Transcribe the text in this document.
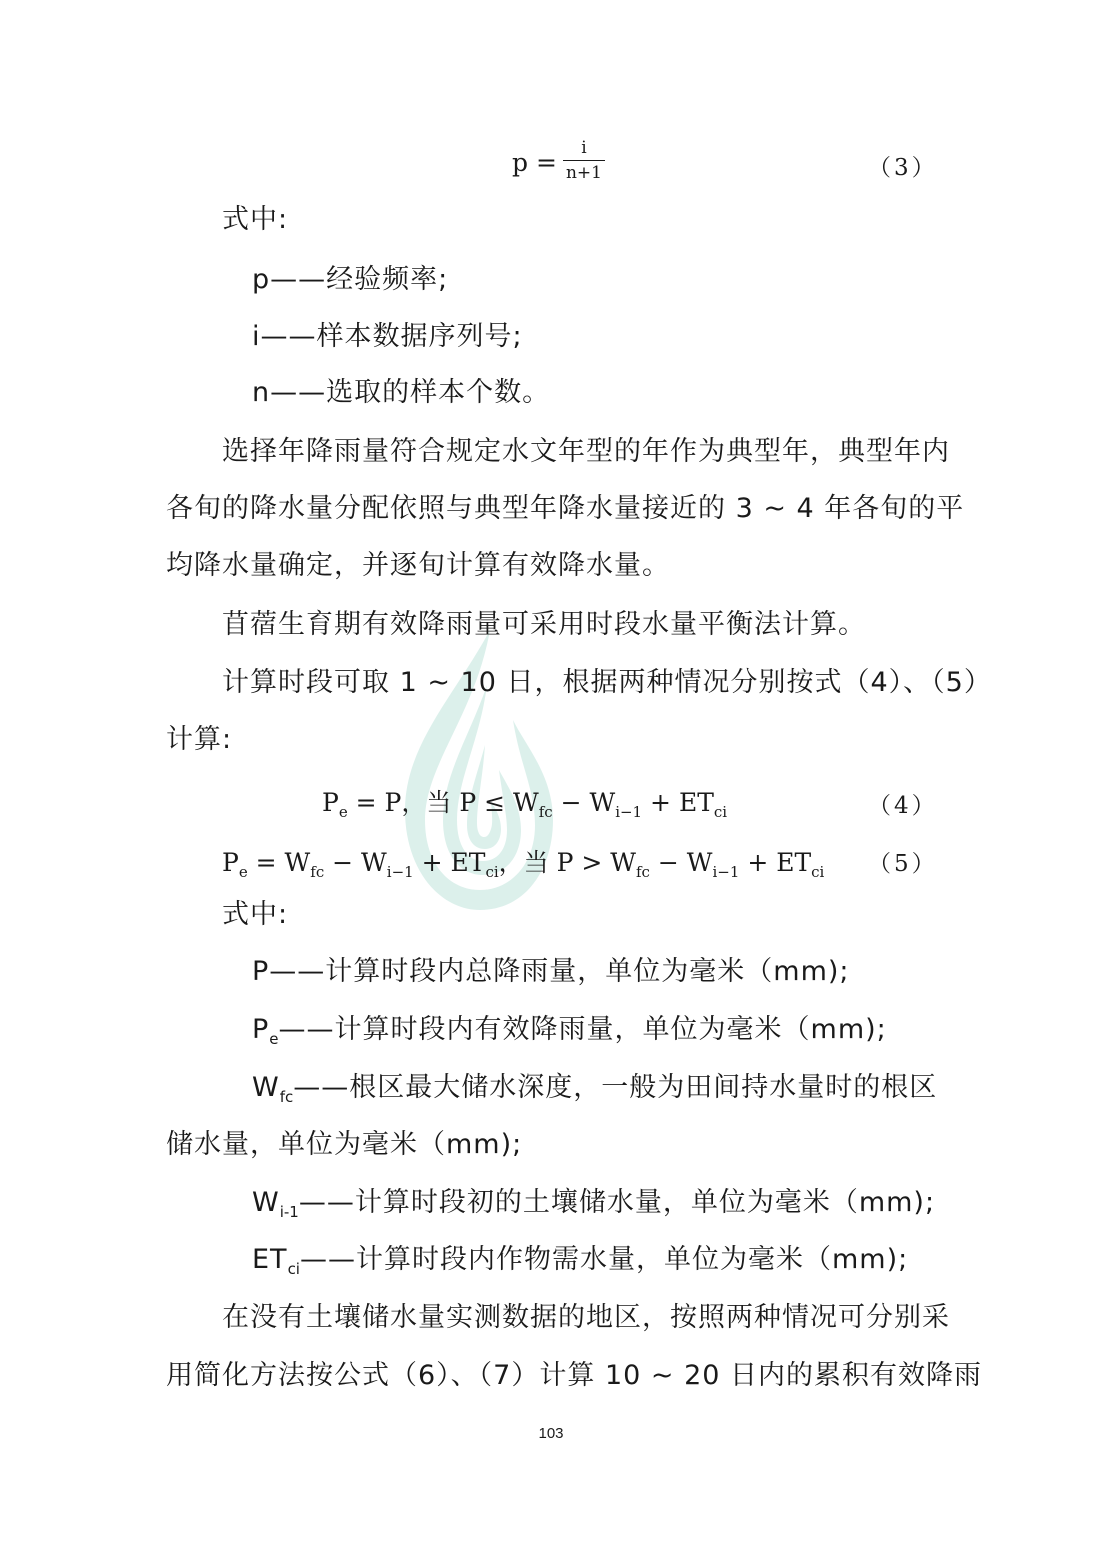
p =	i
n+1	（3）
式中:
p——经验频率;
i——样本数据序列号;
n——选取的样本个数。
选择年降雨量符合规定水文年型的年作为典型年，典型年内
各旬的降水量分配依照与典型年降水量接近的 3 ~ 4 年各旬的平
均降水量确定，并逐旬计算有效降水量。
苜蓿生育期有效降雨量可采用时段水量平衡法计算。
计算时段可取 1 ~ 10 日，根据两种情况分别按式（4）、（5）
计算:
$P_e = P$，当 $P \le W_{fc} - W_{i-1} + ET_{ci}$	（4）
$P_e = W_{fc} - W_{i-1} + ET_{ci}$，当 $P > W_{fc} - W_{i-1} + ET_{ci}$ （5）
式中:
P——计算时段内总降雨量，单位为毫米（mm);
$P_e——$计算时段内有效降雨量，单位为毫米（mm);
$W_{fc}——$根区最大储水深度，一般为田间持水量时的根区
储水量，单位为毫米（mm);
$W_{i-1}——$计算时段初的土壤储水量，单位为毫米（mm);
$ET_{ci}——$计算时段内作物需水量，单位为毫米（mm);
在没有土壤储水量实测数据的地区，按照两种情况可分别采
用简化方法按公式（6）、（7）计算 10 ~ 20 日内的累积有效降雨
103
